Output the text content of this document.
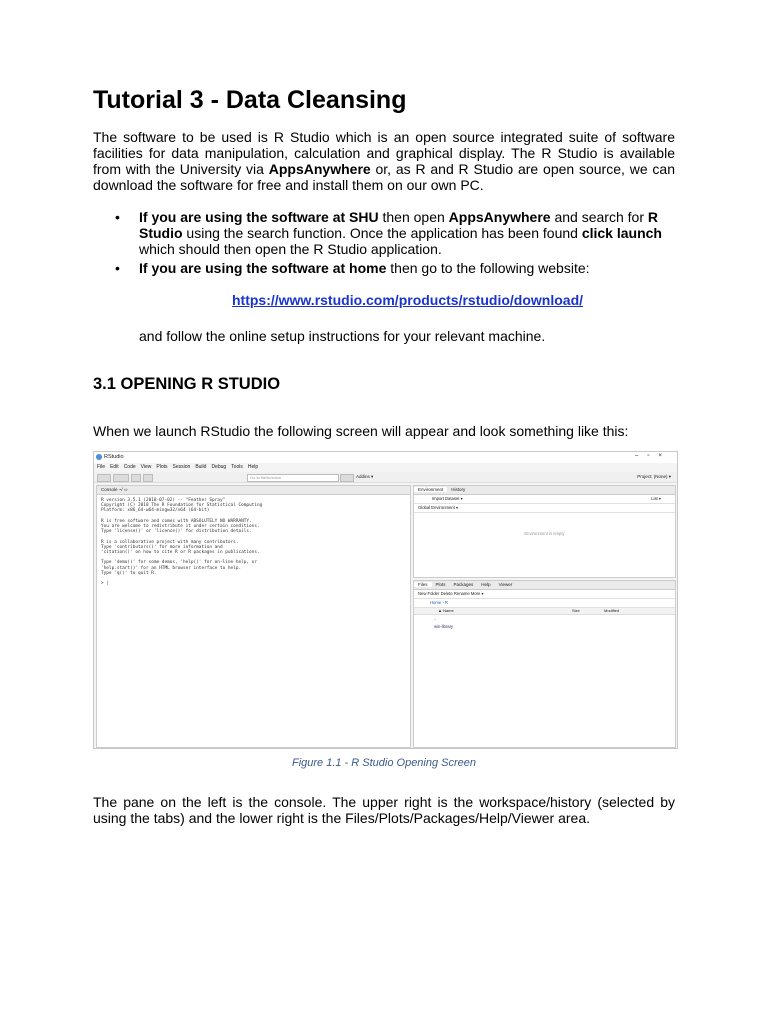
Tutorial 3 - Data Cleansing

The software to be used is R Studio which is an open source integrated suite of software facilities for data manipulation, calculation and graphical display. The R Studio is available from with the University via AppsAnywhere or, as R and R Studio are open source, we can download the software for free and install them on our own PC.

• If you are using the software at SHU then open AppsAnywhere and search for R Studio using the search function. Once the application has been found click launch which should then open the R Studio application.
• If you are using the software at home then go to the following website:
https://www.rstudio.com/products/rstudio/download/
and follow the online setup instructions for your relevant machine.
3.1 OPENING R STUDIO
When we launch RStudio the following screen will appear and look something like this:
RStudio	–▫×
File Edit Code View Plots Session Build Debug Tools Help
Go to file/function	Addins ▾	Project: (None) ▾
Console ~/ ⇨
R version 3.5.1 (2018-07-02) -- "Feather Spray"
Copyright (C) 2018 The R Foundation for Statistical Computing
Platform: x86_64-w64-mingw32/x64 (64-bit)

R is free software and comes with ABSOLUTELY NO WARRANTY.
You are welcome to redistribute it under certain conditions.
Type 'license()' or 'licence()' for distribution details.

R is a collaborative project with many contributors.
Type 'contributors()' for more information and
'citation()' on how to cite R or R packages in publications.

Type 'demo()' for some demos, 'help()' for on-line help, or
'help.start()' for an HTML browser interface to help.
Type 'q()' to quit R.

> |
Environment History
Import Dataset ▾	List ▾
Global Environment ▾
Environment is empty
Files Plots Packages Help Viewer
New Folder Delete Rename More ▾
Home › R
▲ Name	Size	Modified
..
win-library
Figure 1.1 - R Studio Opening Screen

The pane on the left is the console. The upper right is the workspace/history (selected by using the tabs) and the lower right is the Files/Plots/Packages/Help/Viewer area.
